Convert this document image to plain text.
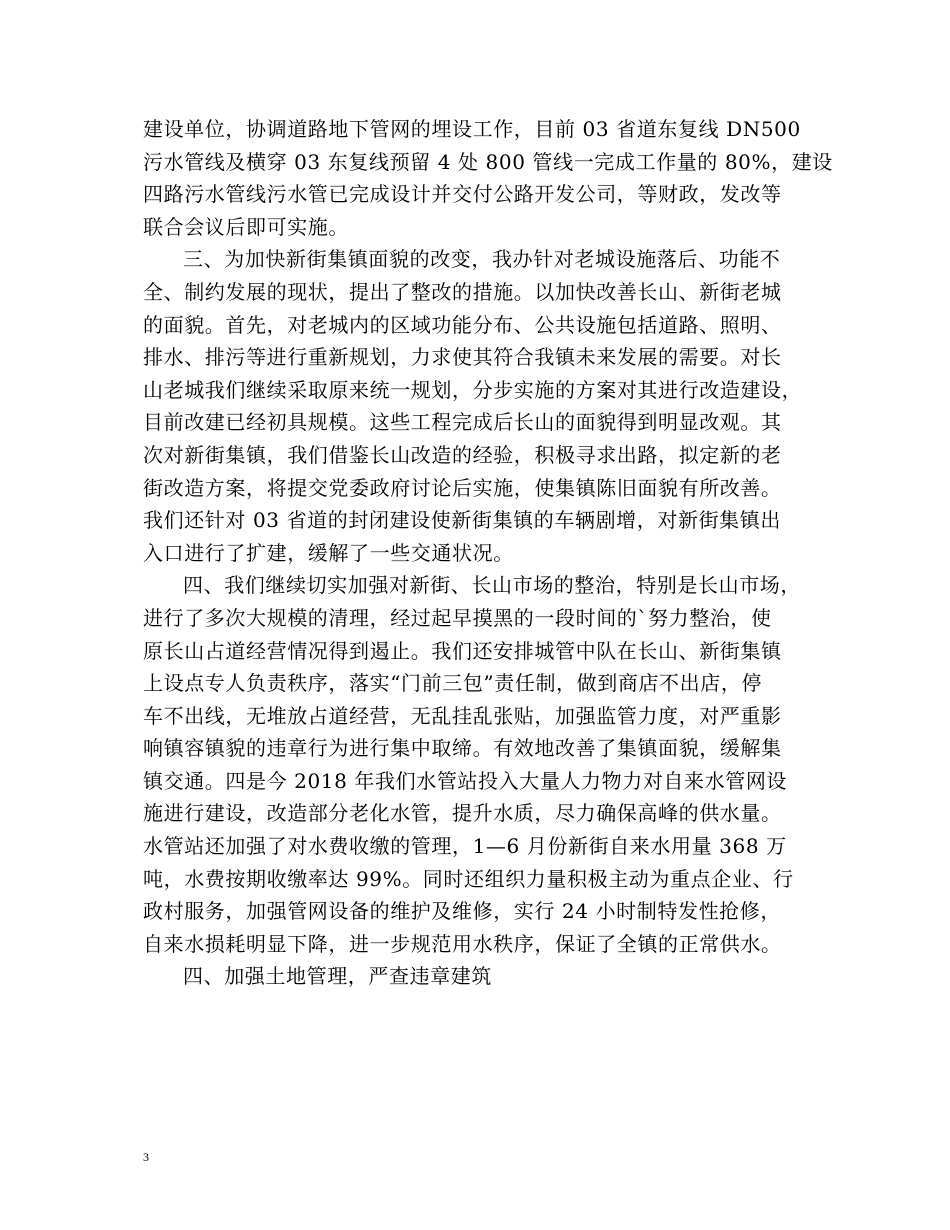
建设单位，协调道路地下管网的埋设工作，目前 03 省道东复线 DN500
污水管线及横穿 03 东复线预留 4 处 800 管线一完成工作量的 80%，建设
四路污水管线污水管已完成设计并交付公路开发公司，等财政，发改等
联合会议后即可实施。
三、为加快新街集镇面貌的改变，我办针对老城设施落后、功能不
全、制约发展的现状，提出了整改的措施。以加快改善长山、新街老城
的面貌。首先，对老城内的区域功能分布、公共设施包括道路、照明、
排水、排污等进行重新规划，力求使其符合我镇未来发展的需要。对长
山老城我们继续采取原来统一规划，分步实施的方案对其进行改造建设，
目前改建已经初具规模。这些工程完成后长山的面貌得到明显改观。其
次对新街集镇，我们借鉴长山改造的经验，积极寻求出路，拟定新的老
街改造方案，将提交党委政府讨论后实施，使集镇陈旧面貌有所改善。
我们还针对 03 省道的封闭建设使新街集镇的车辆剧增，对新街集镇出
入口进行了扩建，缓解了一些交通状况。
四、我们继续切实加强对新街、长山市场的整治，特别是长山市场，
进行了多次大规模的清理，经过起早摸黑的一段时间的`努力整治，使
原长山占道经营情况得到遏止。我们还安排城管中队在长山、新街集镇
上设点专人负责秩序，落实“门前三包”责任制，做到商店不出店，停
车不出线，无堆放占道经营，无乱挂乱张贴，加强监管力度，对严重影
响镇容镇貌的违章行为进行集中取缔。有效地改善了集镇面貌，缓解集
镇交通。四是今 2018 年我们水管站投入大量人力物力对自来水管网设
施进行建设，改造部分老化水管，提升水质，尽力确保高峰的供水量。
水管站还加强了对水费收缴的管理，1—6 月份新街自来水用量 368 万
吨，水费按期收缴率达 99%。同时还组织力量积极主动为重点企业、行
政村服务，加强管网设备的维护及维修，实行 24 小时制特发性抢修，
自来水损耗明显下降，进一步规范用水秩序，保证了全镇的正常供水。
四、加强土地管理，严查违章建筑
3
